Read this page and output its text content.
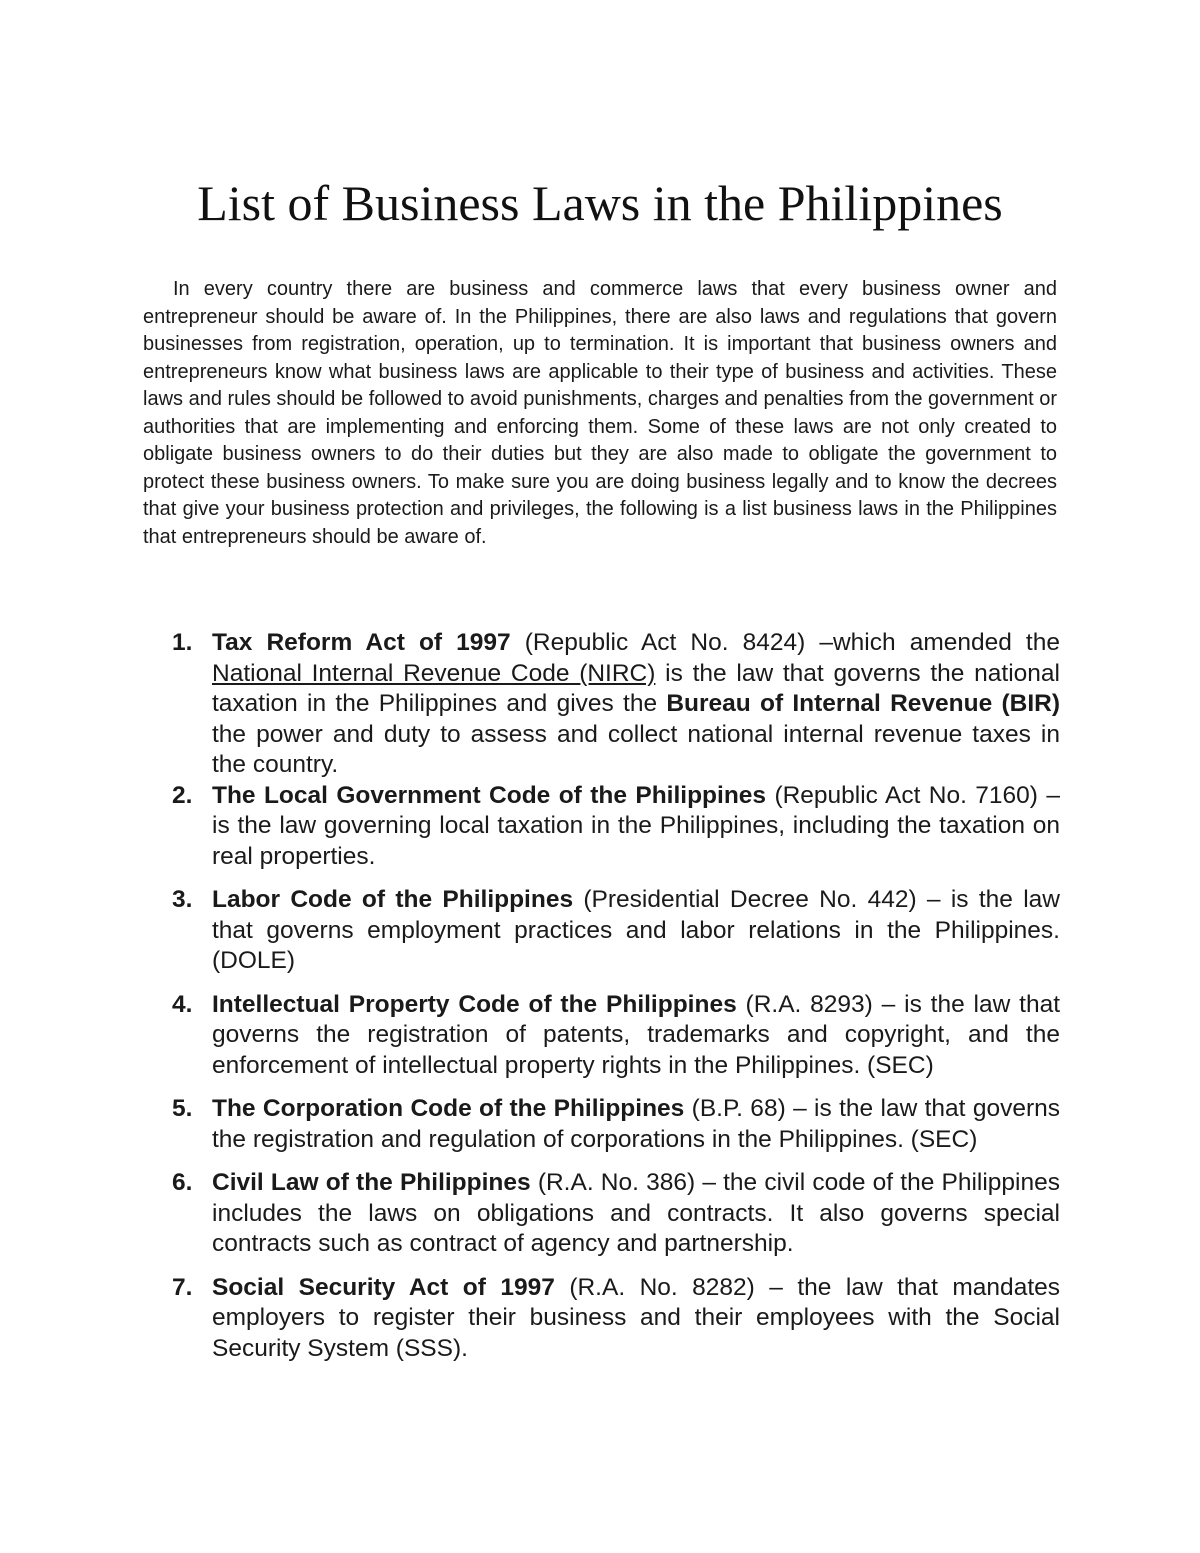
List of Business Laws in the Philippines

In every country there are business and commerce laws that every business owner and entrepreneur should be aware of. In the Philippines, there are also laws and regulations that govern businesses from registration, operation, up to termination. It is important that business owners and entrepreneurs know what business laws are applicable to their type of business and activities. These laws and rules should be followed to avoid punishments, charges and penalties from the government or authorities that are implementing and enforcing them. Some of these laws are not only created to obligate business owners to do their duties but they are also made to obligate the government to protect these business owners. To make sure you are doing business legally and to know the decrees that give your business protection and privileges, the following is a list business laws in the Philippines that entrepreneurs should be aware of.

1. Tax Reform Act of 1997 (Republic Act No. 8424) –which amended the National Internal Revenue Code (NIRC) is the law that governs the national taxation in the Philippines and gives the Bureau of Internal Revenue (BIR) the power and duty to assess and collect national internal revenue taxes in the country.
2. The Local Government Code of the Philippines (Republic Act No. 7160) – is the law governing local taxation in the Philippines, including the taxation on real properties.
3. Labor Code of the Philippines (Presidential Decree No. 442) – is the law that governs employment practices and labor relations in the Philippines. (DOLE)
4. Intellectual Property Code of the Philippines (R.A. 8293) – is the law that governs the registration of patents, trademarks and copyright, and the enforcement of intellectual property rights in the Philippines. (SEC)
5. The Corporation Code of the Philippines (B.P. 68) – is the law that governs the registration and regulation of corporations in the Philippines. (SEC)
6. Civil Law of the Philippines (R.A. No. 386) – the civil code of the Philippines includes the laws on obligations and contracts. It also governs special contracts such as contract of agency and partnership.
7. Social Security Act of 1997 (R.A. No. 8282) – the law that mandates employers to register their business and their employees with the Social Security System (SSS).
